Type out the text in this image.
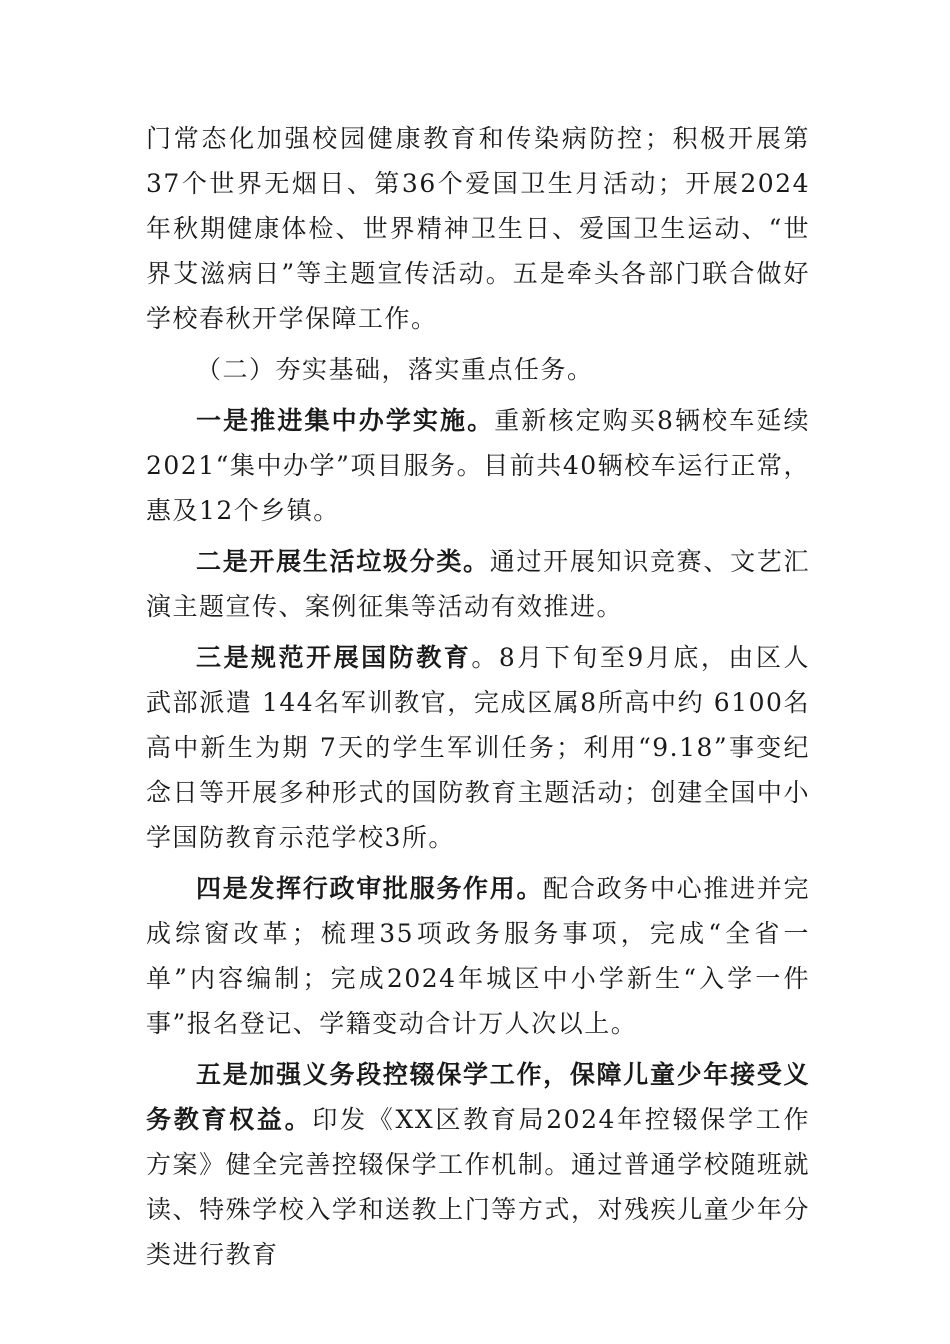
门常态化加强校园健康教育和传染病防控；积极开展第37个世界无烟日、第36个爱国卫生月活动；开展2024年秋期健康体检、世界精神卫生日、爱国卫生运动、“世界艾滋病日”等主题宣传活动。五是牵头各部门联合做好学校春秋开学保障工作。

（二）夯实基础，落实重点任务。

一是推进集中办学实施。重新核定购买8辆校车延续2021“集中办学”项目服务。目前共40辆校车运行正常，惠及12个乡镇。

二是开展生活垃圾分类。通过开展知识竞赛、文艺汇演主题宣传、案例征集等活动有效推进。

三是规范开展国防教育。8月下旬至9月底，由区人武部派遣 144名军训教官，完成区属8所高中约 6100名高中新生为期 7天的学生军训任务；利用“9.18”事变纪念日等开展多种形式的国防教育主题活动；创建全国中小学国防教育示范学校3所。

四是发挥行政审批服务作用。配合政务中心推进并完成综窗改革；梳理35项政务服务事项，完成“全省一单”内容编制；完成2024年城区中小学新生“入学一件事”报名登记、学籍变动合计万人次以上。

五是加强义务段控辍保学工作，保障儿童少年接受义务教育权益。印发《XX区教育局2024年控辍保学工作方案》健全完善控辍保学工作机制。通过普通学校随班就读、特殊学校入学和送教上门等方式，对残疾儿童少年分类进行教育
